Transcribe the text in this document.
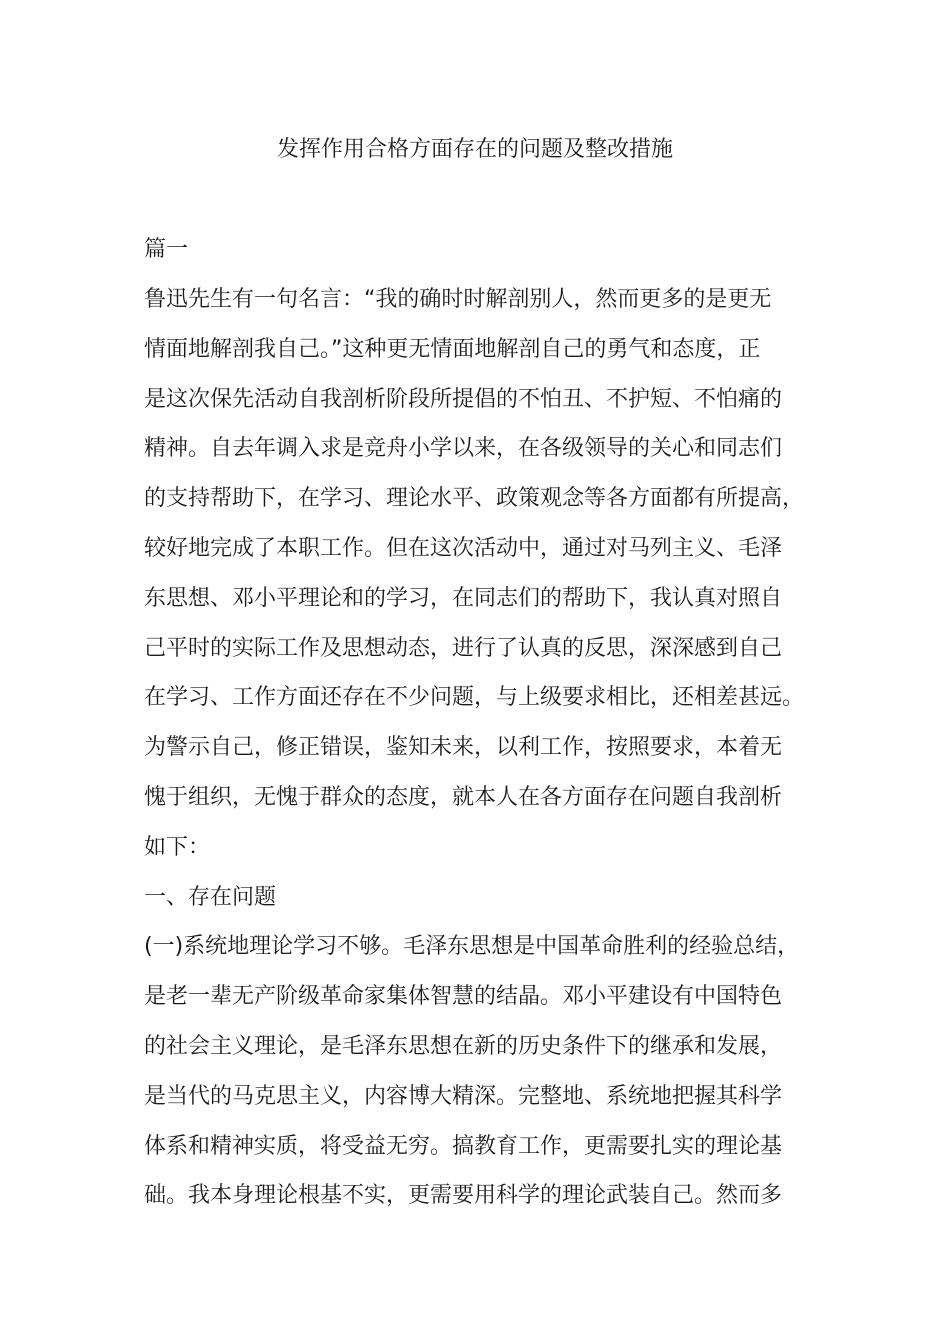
发挥作用合格方面存在的问题及整改措施

篇一

鲁迅先生有一句名言：“我的确时时解剖别人，然而更多的是更无
情面地解剖我自己。”这种更无情面地解剖自己的勇气和态度，正
是这次保先活动自我剖析阶段所提倡的不怕丑、不护短、不怕痛的
精神。自去年调入求是竞舟小学以来，在各级领导的关心和同志们
的支持帮助下，在学习、理论水平、政策观念等各方面都有所提高，
较好地完成了本职工作。但在这次活动中，通过对马列主义、毛泽
东思想、邓小平理论和的学习，在同志们的帮助下，我认真对照自
己平时的实际工作及思想动态，进行了认真的反思，深深感到自己
在学习、工作方面还存在不少问题，与上级要求相比，还相差甚远。
为警示自己，修正错误，鉴知未来，以利工作，按照要求，本着无
愧于组织，无愧于群众的态度，就本人在各方面存在问题自我剖析
如下：
一、存在问题
(一)系统地理论学习不够。毛泽东思想是中国革命胜利的经验总结，
是老一辈无产阶级革命家集体智慧的结晶。邓小平建设有中国特色
的社会主义理论，是毛泽东思想在新的历史条件下的继承和发展，
是当代的马克思主义，内容博大精深。完整地、系统地把握其科学
体系和精神实质，将受益无穷。搞教育工作，更需要扎实的理论基
础。我本身理论根基不实，更需要用科学的理论武装自己。然而多
